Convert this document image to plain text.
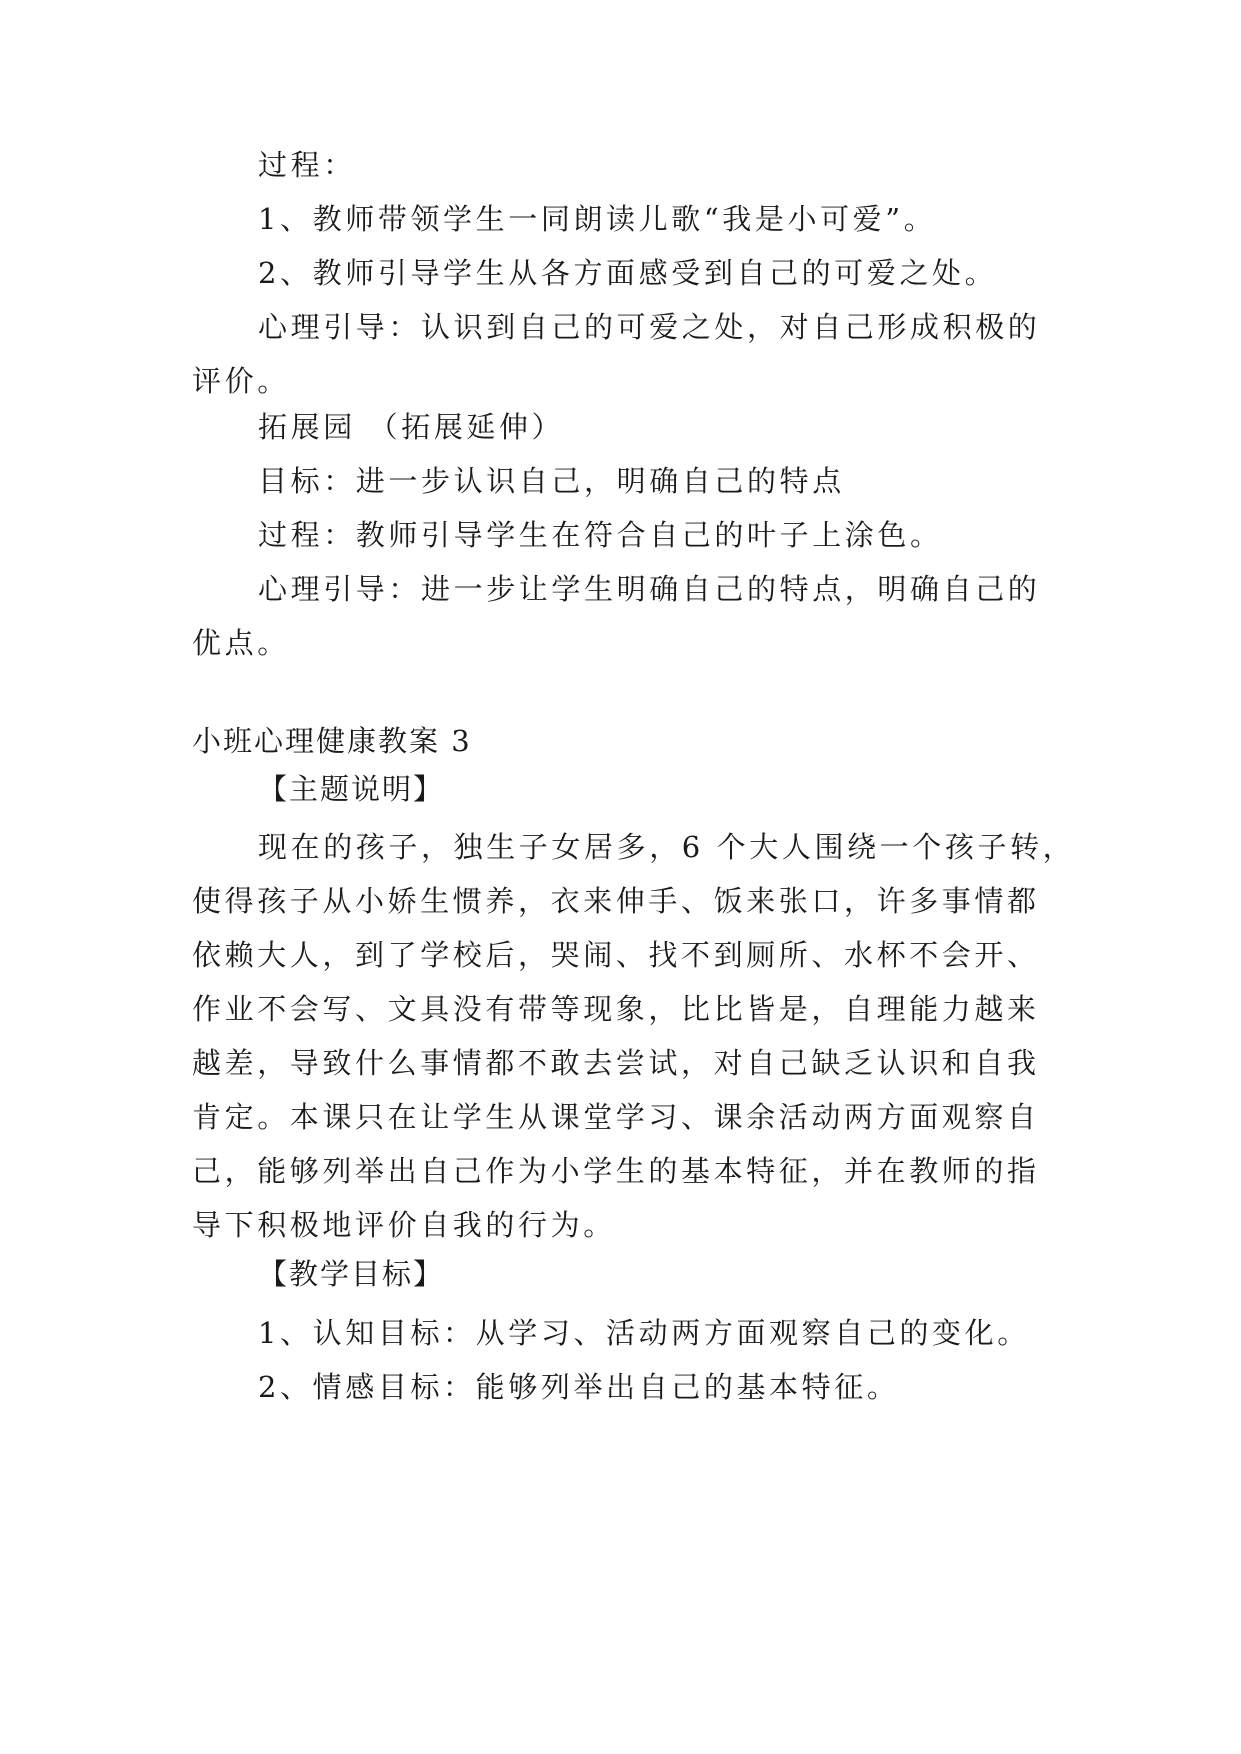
过程：
1、教师带领学生一同朗读儿歌“我是小可爱”。
2、教师引导学生从各方面感受到自己的可爱之处。
心理引导：认识到自己的可爱之处，对自己形成积极的
评价。
拓展园 （拓展延伸）
目标：进一步认识自己，明确自己的特点
过程：教师引导学生在符合自己的叶子上涂色。
心理引导：进一步让学生明确自己的特点，明确自己的
优点。
小班心理健康教案 3
【主题说明】
现在的孩子，独生子女居多，6 个大人围绕一个孩子转，
使得孩子从小娇生惯养，衣来伸手、饭来张口，许多事情都
依赖大人，到了学校后，哭闹、找不到厕所、水杯不会开、
作业不会写、文具没有带等现象，比比皆是，自理能力越来
越差，导致什么事情都不敢去尝试，对自己缺乏认识和自我
肯定。本课只在让学生从课堂学习、课余活动两方面观察自
己，能够列举出自己作为小学生的基本特征，并在教师的指
导下积极地评价自我的行为。
【教学目标】
1、认知目标：从学习、活动两方面观察自己的变化。
2、情感目标：能够列举出自己的基本特征。
